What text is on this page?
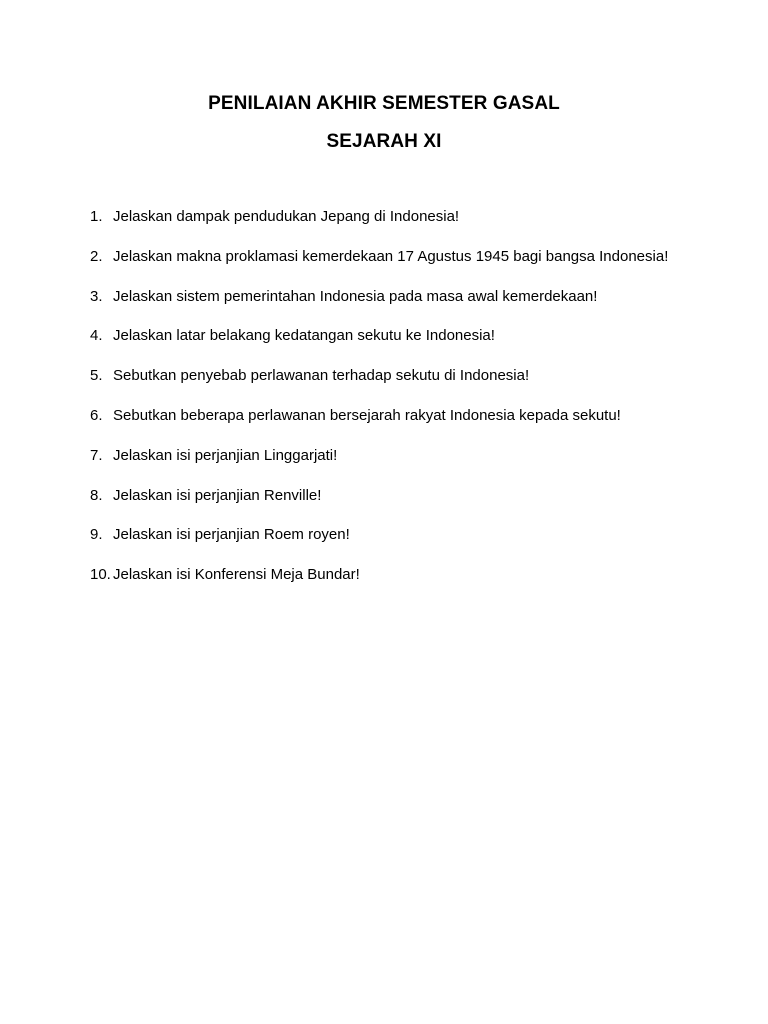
PENILAIAN AKHIR SEMESTER GASAL
SEJARAH XI
1. Jelaskan dampak pendudukan Jepang di Indonesia!
2. Jelaskan makna proklamasi kemerdekaan 17 Agustus 1945 bagi bangsa Indonesia!
3. Jelaskan sistem pemerintahan Indonesia pada masa awal kemerdekaan!
4. Jelaskan latar belakang kedatangan sekutu ke Indonesia!
5. Sebutkan penyebab perlawanan terhadap sekutu di Indonesia!
6. Sebutkan beberapa perlawanan bersejarah rakyat Indonesia kepada sekutu!
7. Jelaskan isi perjanjian Linggarjati!
8. Jelaskan isi perjanjian Renville!
9. Jelaskan isi perjanjian Roem royen!
10. Jelaskan isi Konferensi Meja Bundar!
